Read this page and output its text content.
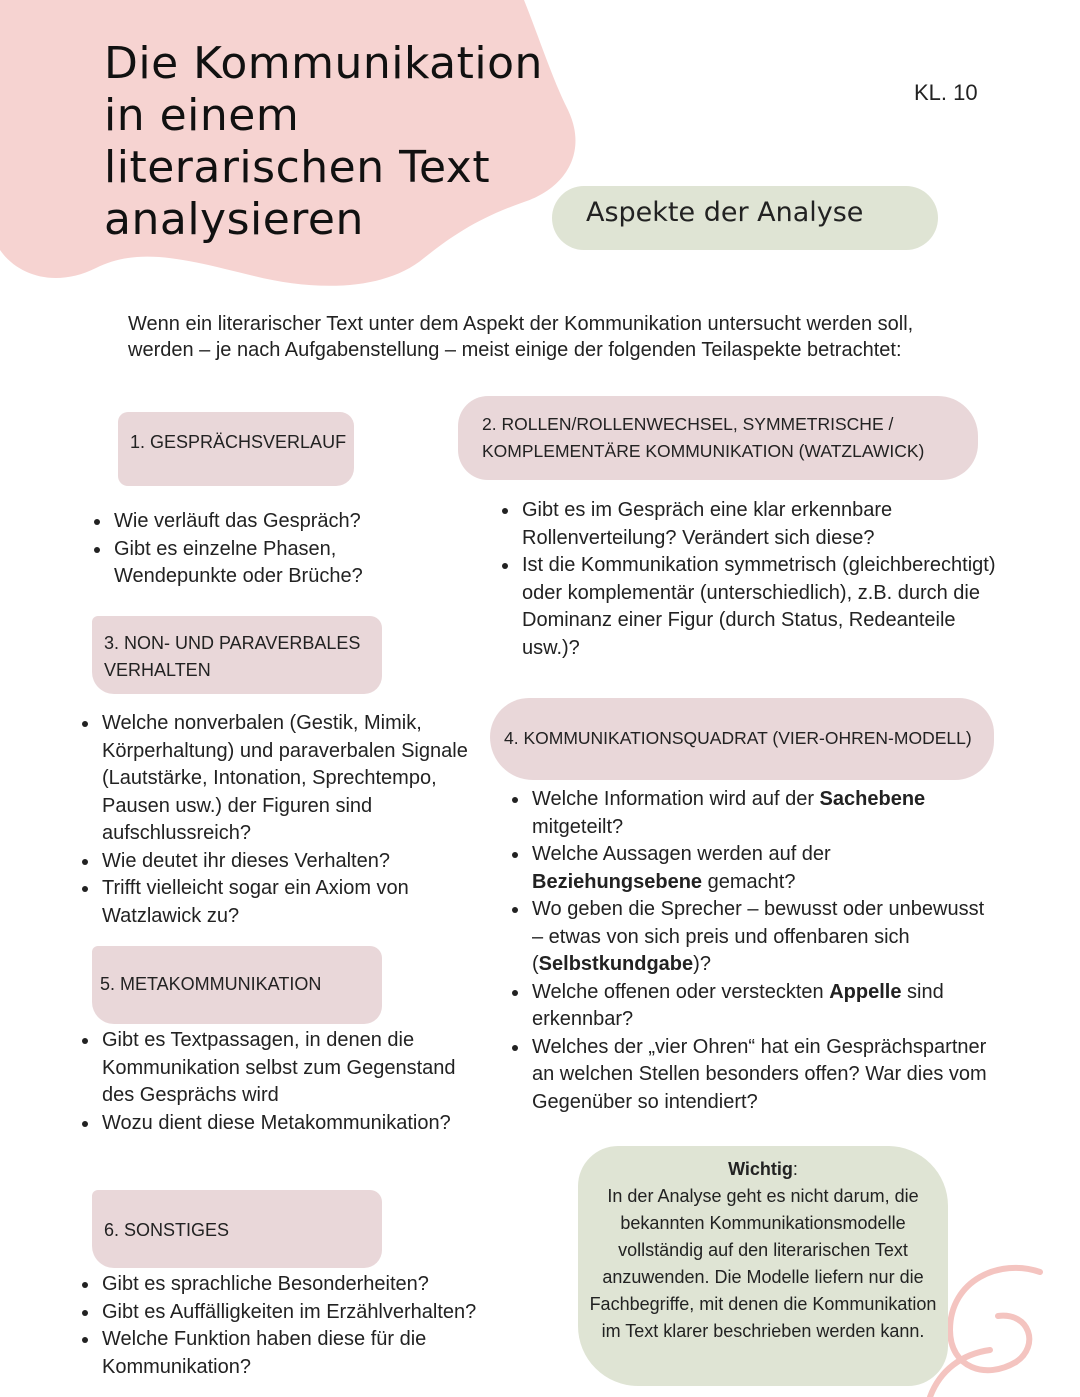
Die Kommunikation
in einem
literarischen Text
analysieren
KL. 10
Aspekte der Analyse

Wenn ein literarischer Text unter dem Aspekt der Kommunikation untersucht werden soll, werden – je nach Aufgabenstellung – meist einige der folgenden Teilaspekte betrachtet:

1. GESPRÄCHSVERLAUF
• Wie verläuft das Gespräch?
• Gibt es einzelne Phasen, Wendepunkte oder Brüche?
2. ROLLEN/ROLLENWECHSEL, SYMMETRISCHE /
KOMPLEMENTÄRE KOMMUNIKATION (WATZLAWICK)
• Gibt es im Gespräch eine klar erkennbare Rollenverteilung? Verändert sich diese?
• Ist die Kommunikation symmetrisch (gleichberechtigt) oder komplementär (unterschiedlich), z.B. durch die Dominanz einer Figur (durch Status, Redeanteile usw.)?
3. NON- UND PARAVERBALES
VERHALTEN
• Welche nonverbalen (Gestik, Mimik, Körperhaltung) und paraverbalen Signale (Lautstärke, Intonation, Sprechtempo, Pausen usw.) der Figuren sind aufschlussreich?
• Wie deutet ihr dieses Verhalten?
• Trifft vielleicht sogar ein Axiom von Watzlawick zu?
4. KOMMUNIKATIONSQUADRAT (VIER-OHREN-MODELL)
• Welche Information wird auf der Sachebene mitgeteilt?
• Welche Aussagen werden auf der Beziehungsebene gemacht?
• Wo geben die Sprecher – bewusst oder unbewusst – etwas von sich preis und offenbaren sich (Selbstkundgabe)?
• Welche offenen oder versteckten Appelle sind erkennbar?
• Welches der „vier Ohren“ hat ein Gesprächspartner an welchen Stellen besonders offen? War dies vom Gegenüber so intendiert?
5. METAKOMMUNIKATION
• Gibt es Textpassagen, in denen die Kommunikation selbst zum Gegenstand des Gesprächs wird
• Wozu dient diese Metakommunikation?
6. SONSTIGES
• Gibt es sprachliche Besonderheiten?
• Gibt es Auffälligkeiten im Erzählverhalten?
• Welche Funktion haben diese für die Kommunikation?
Wichtig:
In der Analyse geht es nicht darum, die bekannten Kommunikationsmodelle vollständig auf den literarischen Text anzuwenden. Die Modelle liefern nur die Fachbegriffe, mit denen die Kommunikation im Text klarer beschrieben werden kann.
